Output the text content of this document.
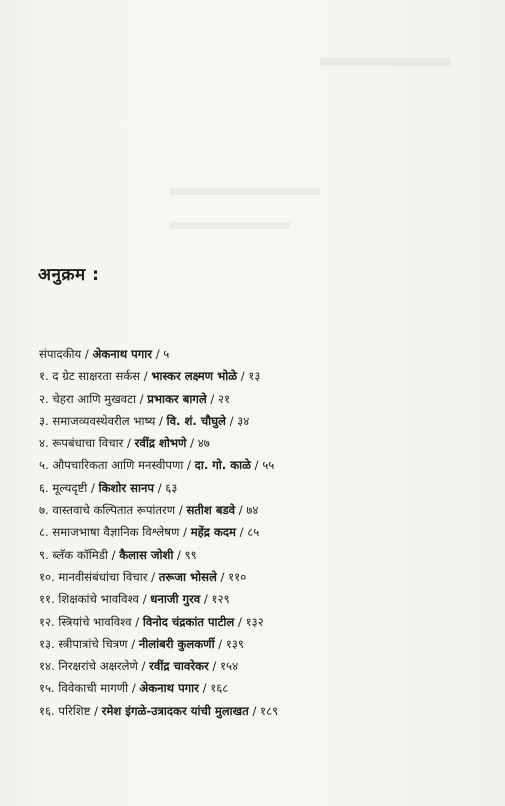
अनुक्रम :
संपादकीय / अेकनाथ पगार / ५
१. द ग्रेट साक्षरता सर्कस / भास्कर लक्ष्मण भोळे / १३
२. चेहरा आणि मुखवटा / प्रभाकर बागले / २१
३. समाजव्यवस्थेवरील भाष्य / वि. शं. चौघुले / ३४
४. रूपबंधाचा विचार / रवींद्र शोभणे / ४७
५. औपचारिकता आणि मनस्वीपणा / दा. गो. काळे / ५५
६. मूल्यदृष्टी / किशोर सानप / ६३
७. वास्तवाचे कल्पितात रूपांतरण / सतीश बडवे / ७४
८. समाजभाषा वैज्ञानिक विश्लेषण / महेंद्र कदम / ८५
९. ब्लॅक कॉमिडी / कैलास जोशी / ९९
१०. मानवीसंबंधांचा विचार / तरूजा भोसले / ११०
११. शिक्षकांचे भावविश्व / धनाजी गुरव / १२९
१२. स्त्रियांचे भावविश्व / विनोद चंद्रकांत पाटील / १३२
१३. स्त्रीपात्रांचे चित्रण / नीलांबरी कुलकर्णी / १३९
१४. निरक्षरांचे अक्षरलेणे / रवींद्र चावरेकर / १५४
१५. विवेकाची मागणी / अेकनाथ पगार / १६८
१६. परिशिष्ट / रमेश इंगळे-उत्रादकर यांची मुलाखत / १८९
